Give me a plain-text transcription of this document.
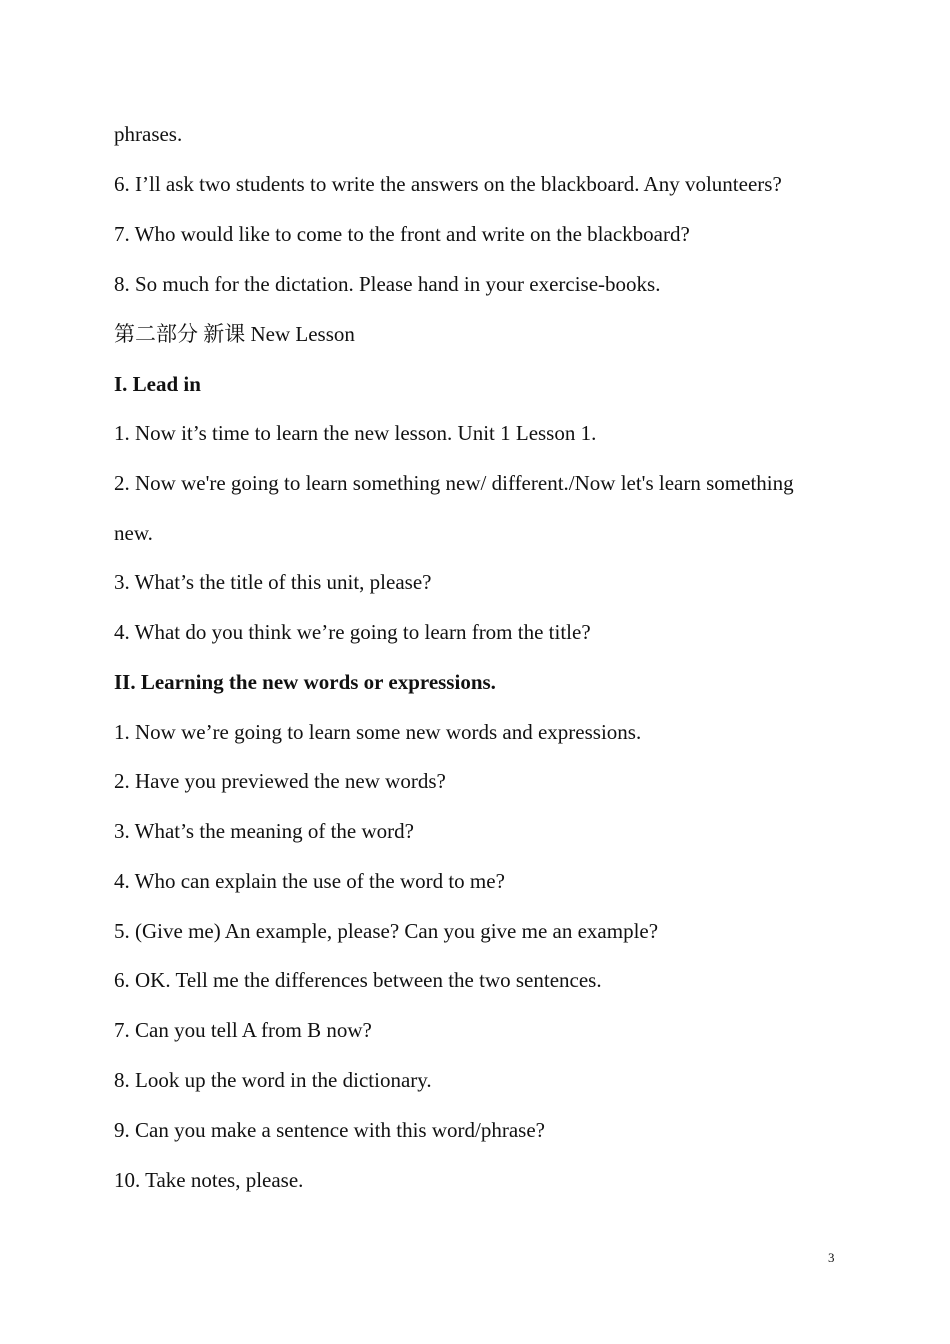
phrases.
6. I’ll ask two students to write the answers on the blackboard. Any volunteers?
7. Who would like to come to the front and write on the blackboard?
8. So much for the dictation. Please hand in your exercise-books.
第二部分 新课 New Lesson
I. Lead in
1. Now it’s time to learn the new lesson. Unit 1 Lesson 1.
2. Now we're going to learn something new/ different./Now let's learn something
new.
3. What’s the title of this unit, please?
4. What do you think we’re going to learn from the title?
II. Learning the new words or expressions.
1. Now we’re going to learn some new words and expressions.
2. Have you previewed the new words?
3. What’s the meaning of the word?
4. Who can explain the use of the word to me?
5. (Give me) An example, please? Can you give me an example?
6. OK. Tell me the differences between the two sentences.
7. Can you tell A from B now?
8. Look up the word in the dictionary.
9. Can you make a sentence with this word/phrase?
10. Take notes, please.
3
